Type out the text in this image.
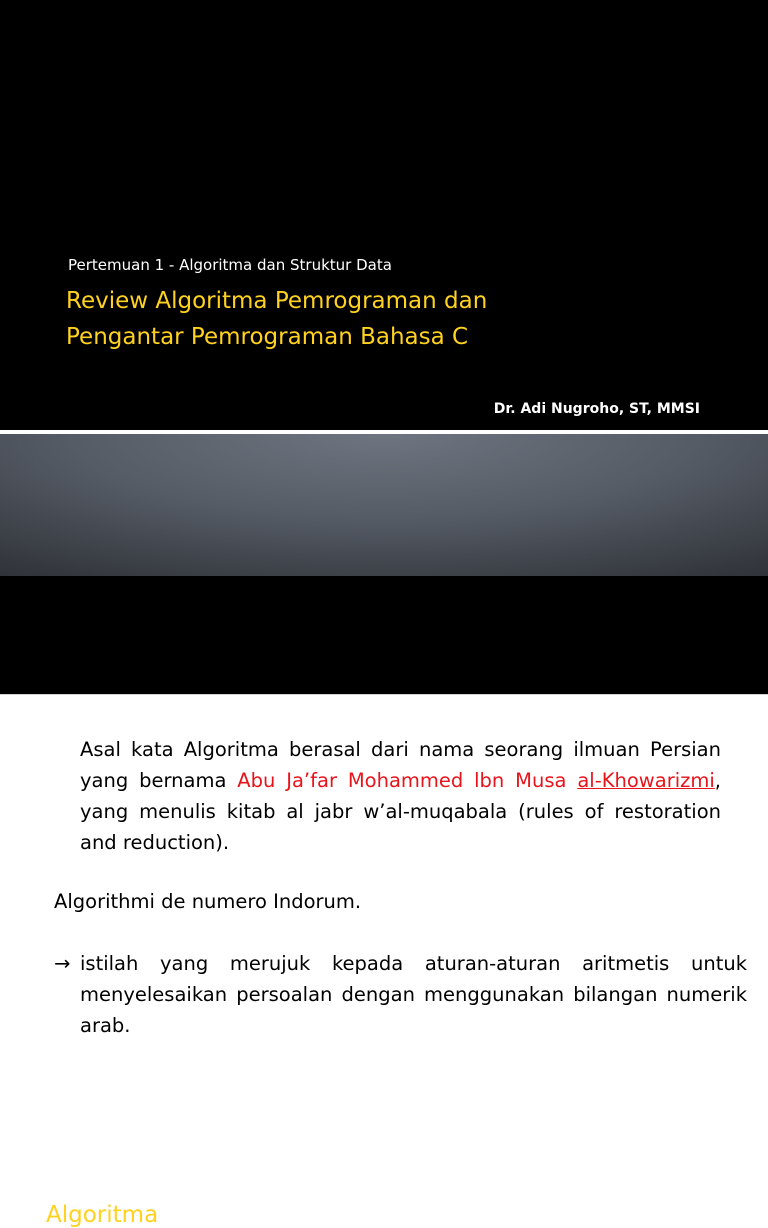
Pertemuan 1 - Algoritma dan Struktur Data
Review Algoritma Pemrograman dan
Pengantar Pemrograman Bahasa C
Dr. Adi Nugroho, ST, MMSI
Algoritma

Asal kata Algoritma berasal dari nama seorang ilmuan Persian yang bernama Abu Ja’far Mohammed lbn Musa al-Khowarizmi, yang menulis kitab al jabr w’al-muqabala (rules of restoration and reduction).

Algorithmi de numero Indorum.

→ istilah yang merujuk kepada aturan-aturan aritmetis untuk menyelesaikan persoalan dengan menggunakan bilangan numerik arab.
